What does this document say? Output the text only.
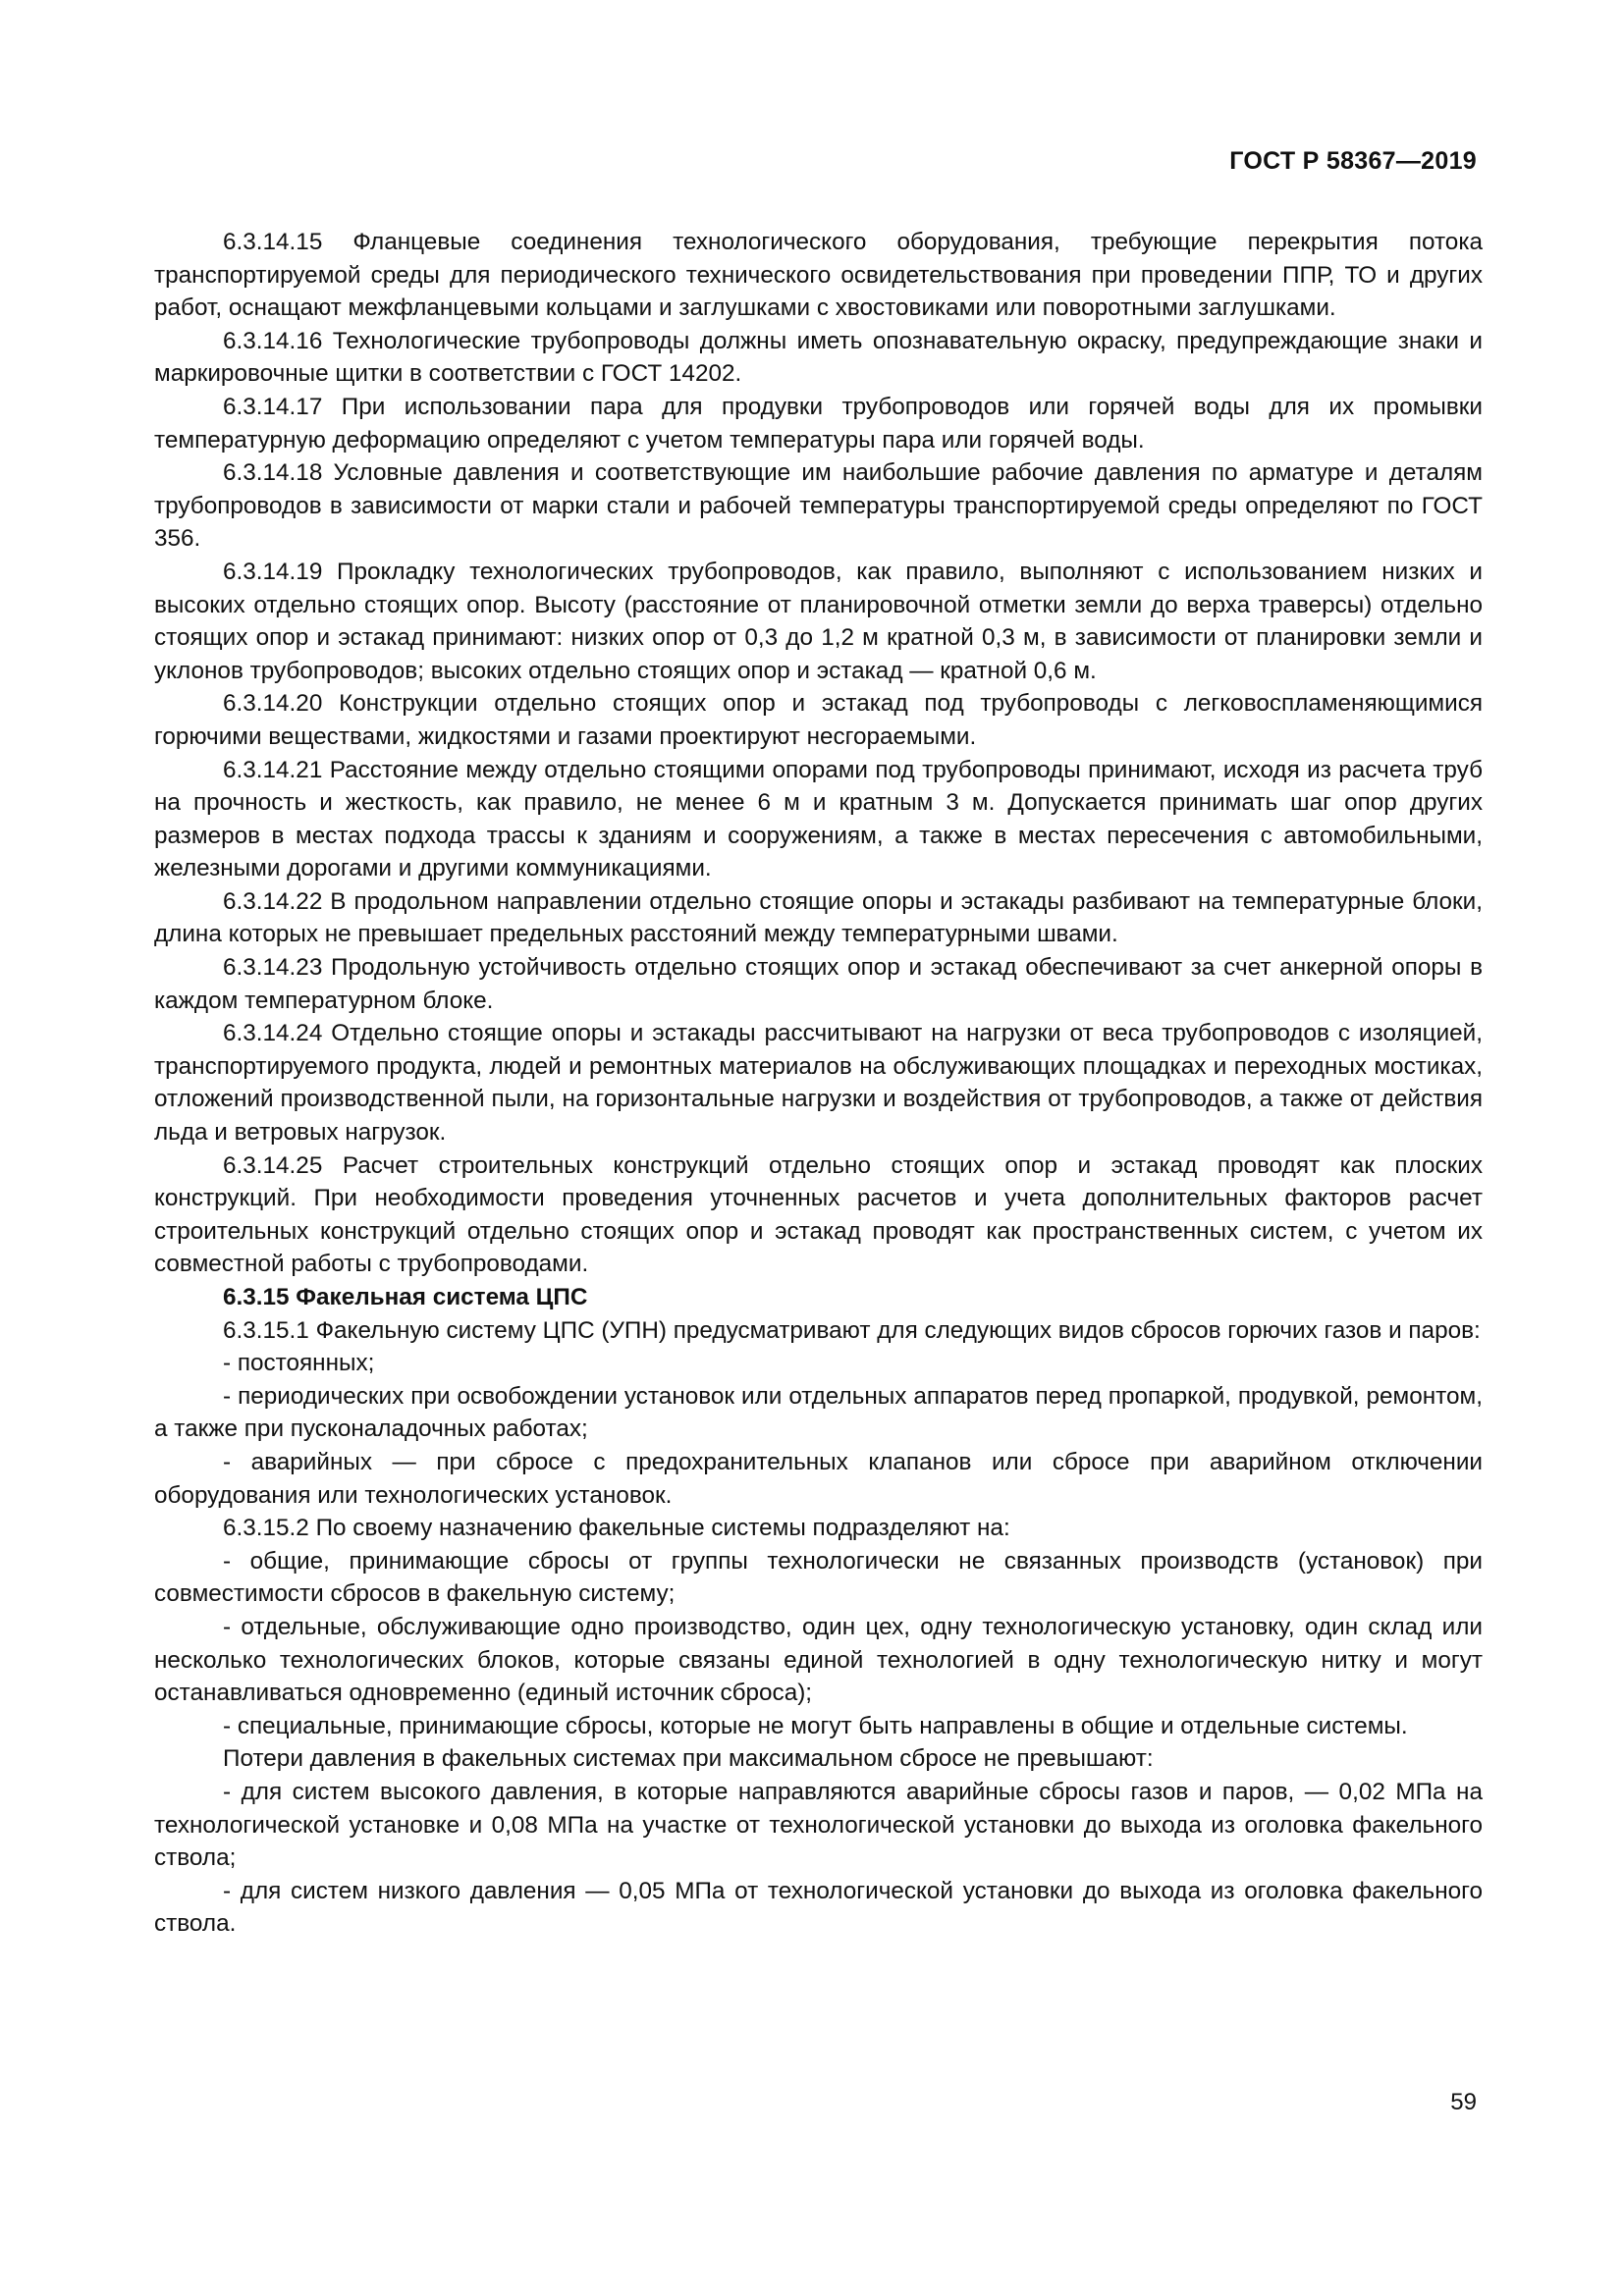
ГОСТ Р 58367—2019

6.3.14.15 Фланцевые соединения технологического оборудования, требующие перекрытия потока транспортируемой среды для периодического технического освидетельствования при проведении ППР, ТО и других работ, оснащают межфланцевыми кольцами и заглушками с хвостовиками или поворотными заглушками.

6.3.14.16 Технологические трубопроводы должны иметь опознавательную окраску, предупреждающие знаки и маркировочные щитки в соответствии с ГОСТ 14202.

6.3.14.17 При использовании пара для продувки трубопроводов или горячей воды для их промывки температурную деформацию определяют с учетом температуры пара или горячей воды.

6.3.14.18 Условные давления и соответствующие им наибольшие рабочие давления по арматуре и деталям трубопроводов в зависимости от марки стали и рабочей температуры транспортируемой среды определяют по ГОСТ 356.

6.3.14.19 Прокладку технологических трубопроводов, как правило, выполняют с использованием низких и высоких отдельно стоящих опор. Высоту (расстояние от планировочной отметки земли до верха траверсы) отдельно стоящих опор и эстакад принимают: низких опор от 0,3 до 1,2 м кратной 0,3 м, в зависимости от планировки земли и уклонов трубопроводов; высоких отдельно стоящих опор и эстакад — кратной 0,6 м.

6.3.14.20 Конструкции отдельно стоящих опор и эстакад под трубопроводы с легковоспламеняющимися горючими веществами, жидкостями и газами проектируют несгораемыми.

6.3.14.21 Расстояние между отдельно стоящими опорами под трубопроводы принимают, исходя из расчета труб на прочность и жесткость, как правило, не менее 6 м и кратным 3 м. Допускается принимать шаг опор других размеров в местах подхода трассы к зданиям и сооружениям, а также в местах пересечения с автомобильными, железными дорогами и другими коммуникациями.

6.3.14.22 В продольном направлении отдельно стоящие опоры и эстакады разбивают на температурные блоки, длина которых не превышает предельных расстояний между температурными швами.

6.3.14.23 Продольную устойчивость отдельно стоящих опор и эстакад обеспечивают за счет анкерной опоры в каждом температурном блоке.

6.3.14.24 Отдельно стоящие опоры и эстакады рассчитывают на нагрузки от веса трубопроводов с изоляцией, транспортируемого продукта, людей и ремонтных материалов на обслуживающих площадках и переходных мостиках, отложений производственной пыли, на горизонтальные нагрузки и воздействия от трубопроводов, а также от действия льда и ветровых нагрузок.

6.3.14.25 Расчет строительных конструкций отдельно стоящих опор и эстакад проводят как плоских конструкций. При необходимости проведения уточненных расчетов и учета дополнительных факторов расчет строительных конструкций отдельно стоящих опор и эстакад проводят как пространственных систем, с учетом их совместной работы с трубопроводами.

6.3.15 Факельная система ЦПС

6.3.15.1 Факельную систему ЦПС (УПН) предусматривают для следующих видов сбросов горючих газов и паров:

- постоянных;

- периодических при освобождении установок или отдельных аппаратов перед пропаркой, продувкой, ремонтом, а также при пусконаладочных работах;

- аварийных — при сбросе с предохранительных клапанов или сбросе при аварийном отключении оборудования или технологических установок.

6.3.15.2 По своему назначению факельные системы подразделяют на:

- общие, принимающие сбросы от группы технологически не связанных производств (установок) при совместимости сбросов в факельную систему;

- отдельные, обслуживающие одно производство, один цех, одну технологическую установку, один склад или несколько технологических блоков, которые связаны единой технологией в одну технологическую нитку и могут останавливаться одновременно (единый источник сброса);

- специальные, принимающие сбросы, которые не могут быть направлены в общие и отдельные системы.

Потери давления в факельных системах при максимальном сбросе не превышают:

- для систем высокого давления, в которые направляются аварийные сбросы газов и паров, — 0,02 МПа на технологической установке и 0,08 МПа на участке от технологической установки до выхода из оголовка факельного ствола;

- для систем низкого давления — 0,05 МПа от технологической установки до выхода из оголовка факельного ствола.

59
